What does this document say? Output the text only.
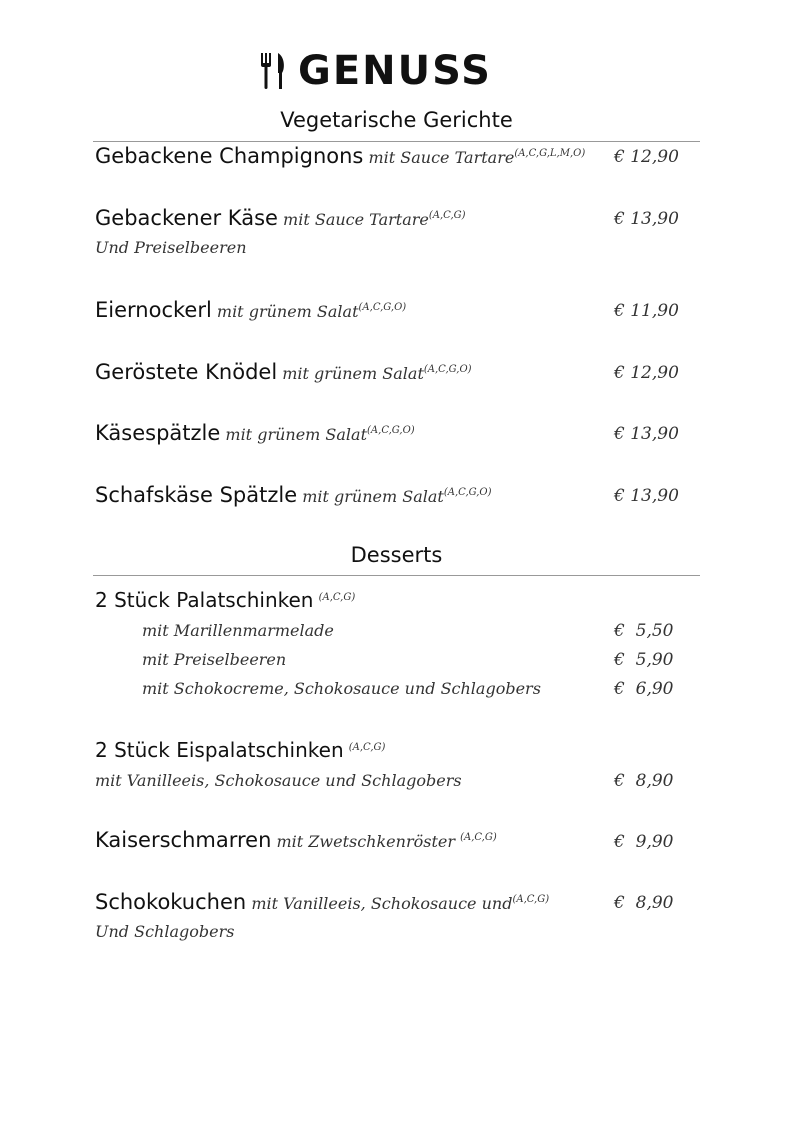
GENUSS
Vegetarische Gerichte
Gebackene Champignons mit Sauce Tartare$^{(A,C,G,L,M,O)}$ € 12,90
Gebackener Käse mit Sauce Tartare$^{(A,C,G)}$	€ 13,90
Und Preiselbeeren
Eiernockerl mit grünem Salat$^{(A,C,G,O)}$	€ 11,90
Geröstete Knödel mit grünem Salat$^{(A,C,G,O)}$	€ 12,90
Käsespätzle mit grünem Salat$^{(A,C,G,O)}$	€ 13,90
Schafskäse Spätzle mit grünem Salat$^{(A,C,G,O)}$	€ 13,90
Desserts
2 Stück Palatschinken $^{(A,C,G)}$
mit Marillenmarmelade	€  5,50
mit Preiselbeeren	€  5,90
mit Schokocreme, Schokosauce und Schlagobers	€  6,90
2 Stück Eispalatschinken $^{(A,C,G)}$
mit Vanilleeis, Schokosauce und Schlagobers	€  8,90
Kaiserschmarren mit Zwetschkenröster $^{(A,C,G)}$	€  9,90
Schokokuchen mit Vanilleeis, Schokosauce und$^{(A,C,G)}$	€  8,90
Und Schlagobers
